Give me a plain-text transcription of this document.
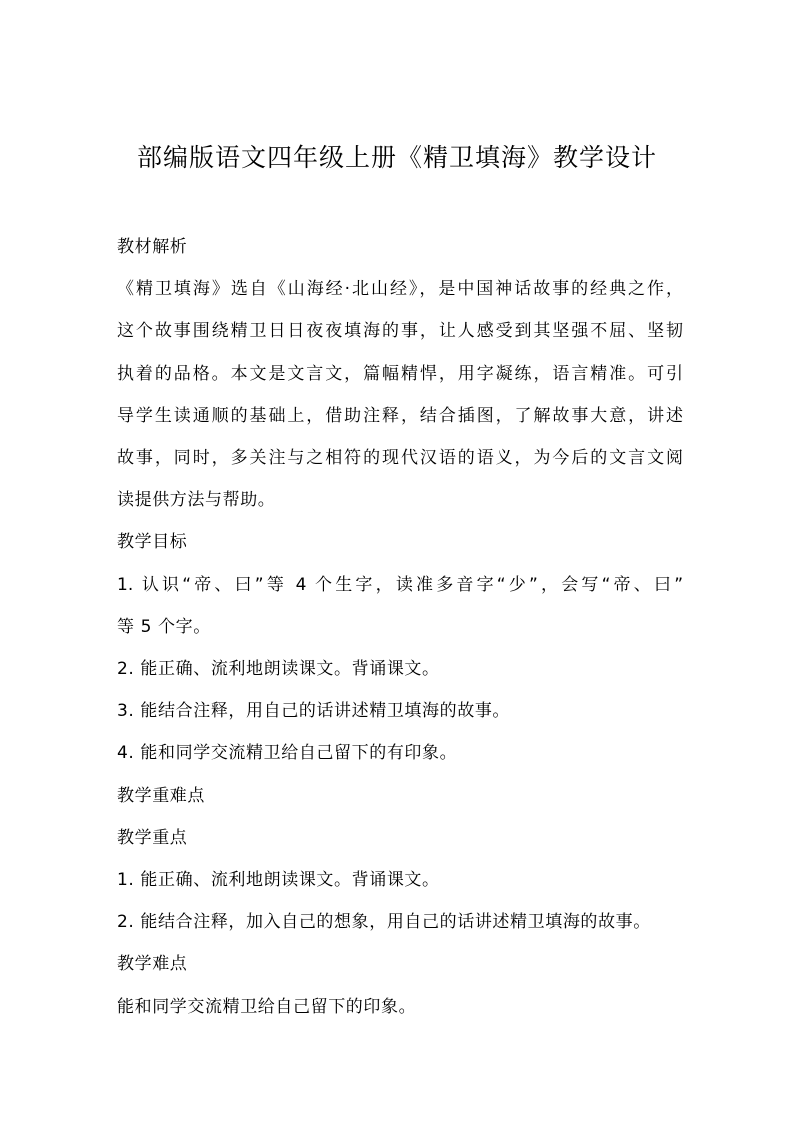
部编版语文四年级上册《精卫填海》教学设计
教材解析
《精卫填海》选自《山海经·北山经》，是中国神话故事的经典之作，
这个故事围绕精卫日日夜夜填海的事，让人感受到其坚强不屈、坚韧
执着的品格。本文是文言文，篇幅精悍，用字凝练，语言精准。可引
导学生读通顺的基础上，借助注释，结合插图，了解故事大意，讲述
故事，同时，多关注与之相符的现代汉语的语义，为今后的文言文阅
读提供方法与帮助。
教学目标
1. 认识“帝、曰”等 4 个生字，读准多音字“少”，会写“帝、曰”
等 5 个字。
2. 能正确、流利地朗读课文。背诵课文。
3. 能结合注释，用自己的话讲述精卫填海的故事。
4. 能和同学交流精卫给自己留下的有印象。
教学重难点
教学重点
1. 能正确、流利地朗读课文。背诵课文。
2. 能结合注释，加入自己的想象，用自己的话讲述精卫填海的故事。
教学难点
能和同学交流精卫给自己留下的印象。
